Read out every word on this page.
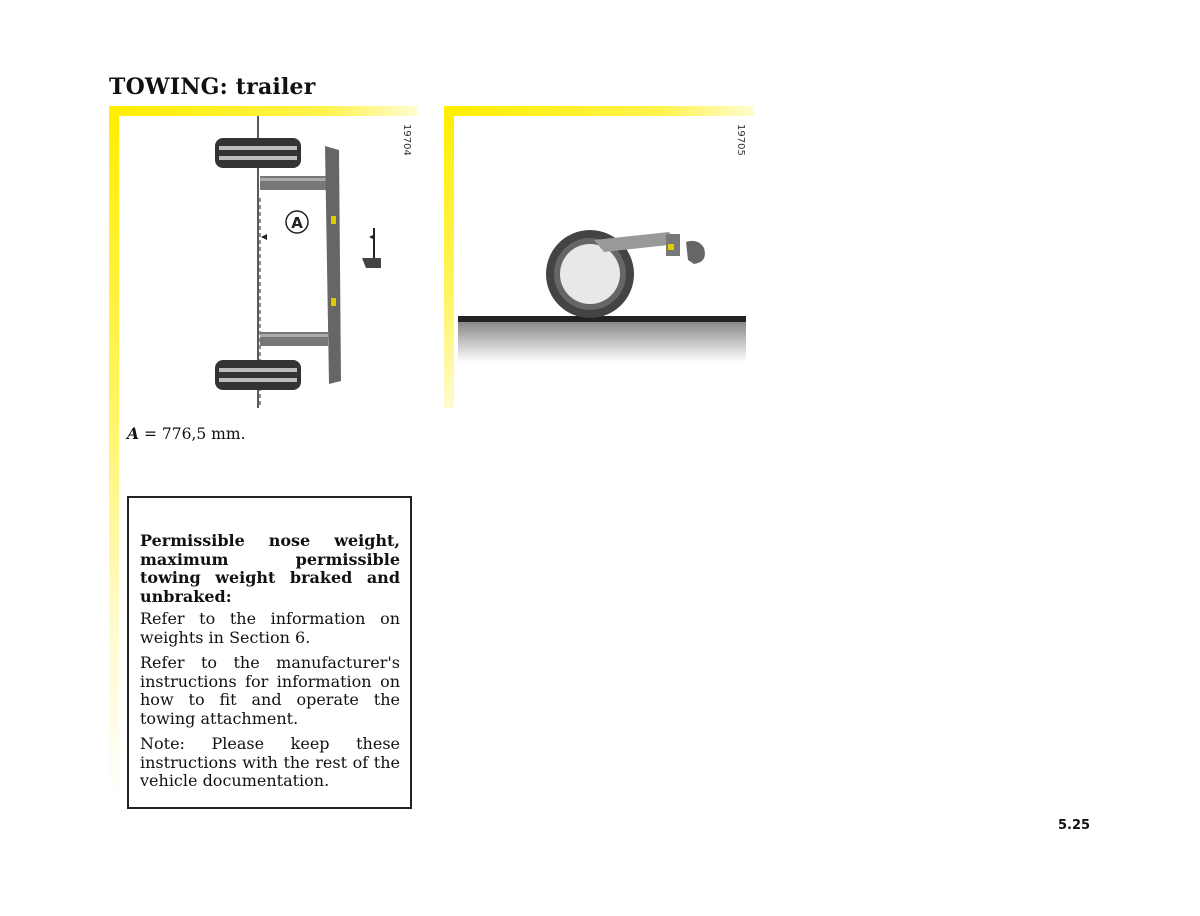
TOWING: trailer
A
19704	19705

A = 776,5 mm.

Permissible nose weight, maximum permissible towing weight braked and unbraked:

Refer to the information on weights in Section 6.

Refer to the manufacturer's instructions for information on how to fit and operate the towing attachment.

Note: Please keep these instructions with the rest of the vehicle documentation.

5.25
